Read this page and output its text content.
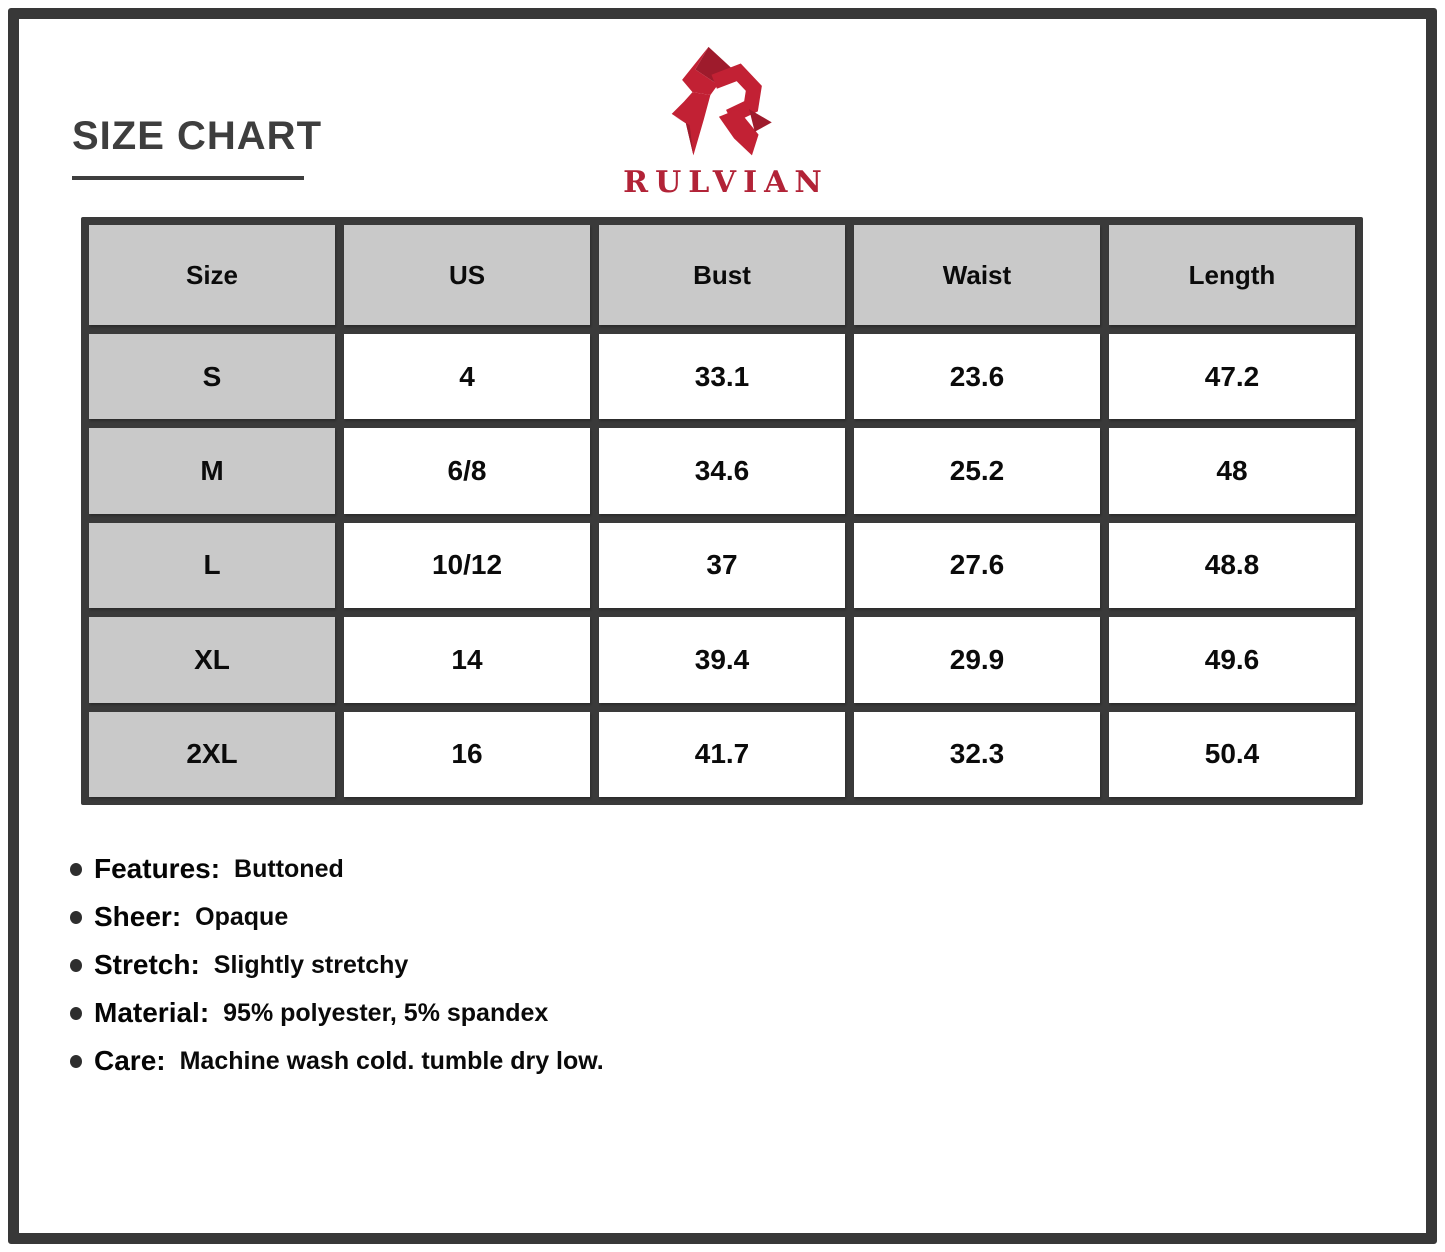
SIZE CHART
RULVIAN
Size	US	Bust	Waist	Length
S	4	33.1	23.6	47.2
M	6/8	34.6	25.2	48
L	10/12	37	27.6	48.8
XL	14	39.4	29.9	49.6
2XL	16	41.7	32.3	50.4
Features: Buttoned
Sheer: Opaque
Stretch: Slightly stretchy
Material: 95% polyester, 5% spandex
Care: Machine wash cold. tumble dry low.
